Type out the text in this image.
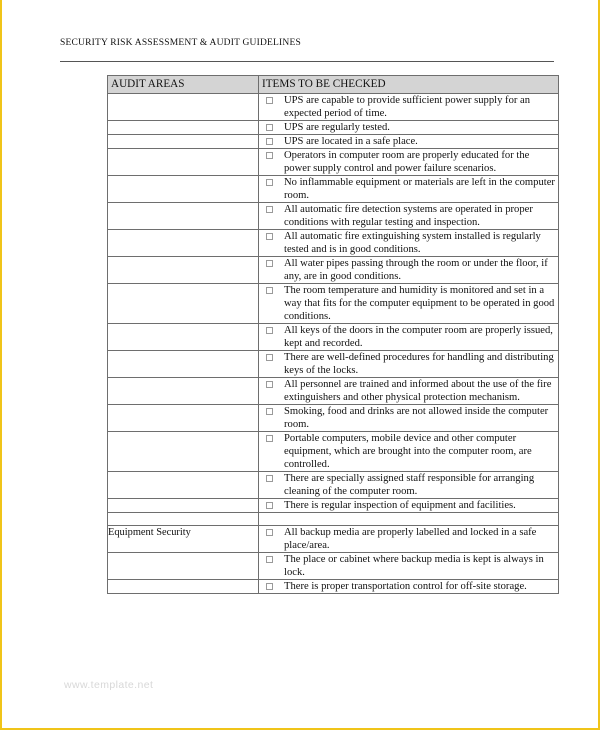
SECURITY RISK ASSESSMENT & AUDIT GUIDELINES
AUDIT AREAS	ITEMS TO BE CHECKED

	UPS are capable to provide sufficient power supply for an expected period of time.

	UPS are regularly tested.

	UPS are located in a safe place.

	Operators in computer room are properly educated for the power supply control and power failure scenarios.

	No inflammable equipment or materials are left in the computer room.

	All automatic fire detection systems are operated in proper conditions with regular testing and inspection.

	All automatic fire extinguishing system installed is regularly tested and is in good conditions.

	All water pipes passing through the room or under the floor, if any, are in good conditions.

	The room temperature and humidity is monitored and set in a way that fits for the computer equipment to be operated in good conditions.

	All keys of the doors in the computer room are properly issued, kept and recorded.

	There are well-defined procedures for handling and distributing keys of the locks.

	All personnel are trained and informed about the use of the fire extinguishers and other physical protection mechanism.

	Smoking, food and drinks are not allowed inside the computer room.

	Portable computers, mobile device and other computer equipment, which are brought into the computer room, are controlled.

	There are specially assigned staff responsible for arranging cleaning of the computer room.

	There is regular inspection of equipment and facilities.

Equipment Security	All backup media are properly labelled and locked in a safe place/area.

	The place or cabinet where backup media is kept is always in lock.

	There is proper transportation control for off-site storage.
www.template.net
